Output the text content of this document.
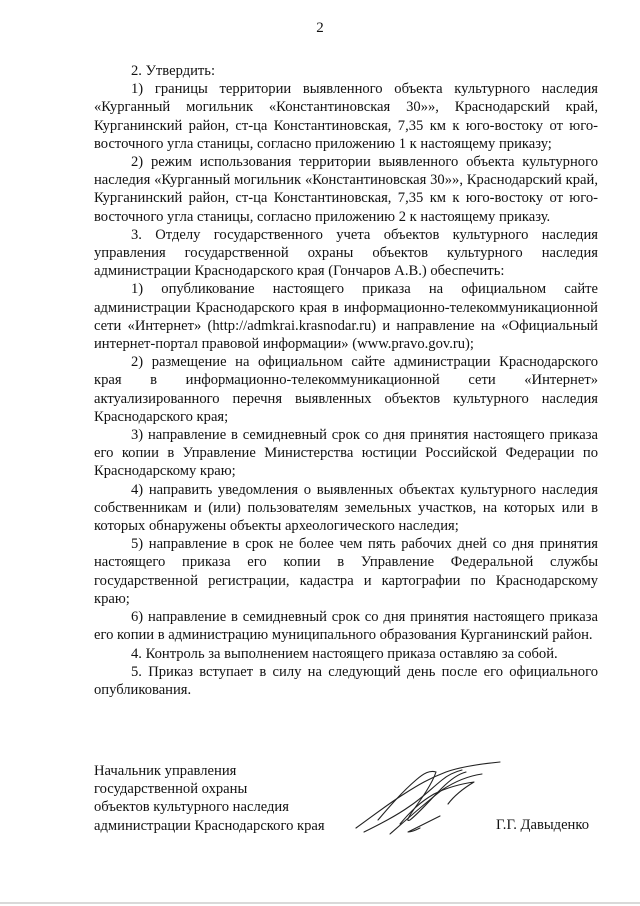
2

2. Утвердить:

1) границы территории выявленного объекта культурного наследия «Курганный могильник «Константиновская 30»», Краснодарский край, Курганинский район, ст-ца Константиновская, 7,35 км к юго-востоку от юго-восточного угла станицы, согласно приложению 1 к настоящему приказу;

2) режим использования территории выявленного объекта культурного наследия «Курганный могильник «Константиновская 30»», Краснодарский край, Курганинский район, ст-ца Константиновская, 7,35 км к юго-востоку от юго-восточного угла станицы, согласно приложению 2 к настоящему приказу.

3. Отделу государственного учета объектов культурного наследия управления государственной охраны объектов культурного наследия администрации Краснодарского края (Гончаров А.В.) обеспечить:

1) опубликование настоящего приказа на официальном сайте администрации Краснодарского края в информационно-телекоммуникационной сети «Интернет» (http://admkrai.krasnodar.ru) и направление на «Официальный интернет-портал правовой информации» (www.pravo.gov.ru);

2) размещение на официальном сайте администрации Краснодарского края в информационно-телекоммуникационной сети «Интернет» актуализированного перечня выявленных объектов культурного наследия Краснодарского края;

3) направление в семидневный срок со дня принятия настоящего приказа его копии в Управление Министерства юстиции Российской Федерации по Краснодарскому краю;

4) направить уведомления о выявленных объектах культурного наследия собственникам и (или) пользователям земельных участков, на которых или в которых обнаружены объекты археологического наследия;

5) направление в срок не более чем пять рабочих дней со дня принятия настоящего приказа его копии в Управление Федеральной службы государственной регистрации, кадастра и картографии по Краснодарскому краю;

6) направление в семидневный срок со дня принятия настоящего приказа его копии в администрацию муниципального образования Курганинский район.

4. Контроль за выполнением настоящего приказа оставляю за собой.

5. Приказ вступает в силу на следующий день после его официального опубликования.

Начальник управления
государственной охраны
объектов культурного наследия
администрации Краснодарского края	Г.Г. Давыденко
